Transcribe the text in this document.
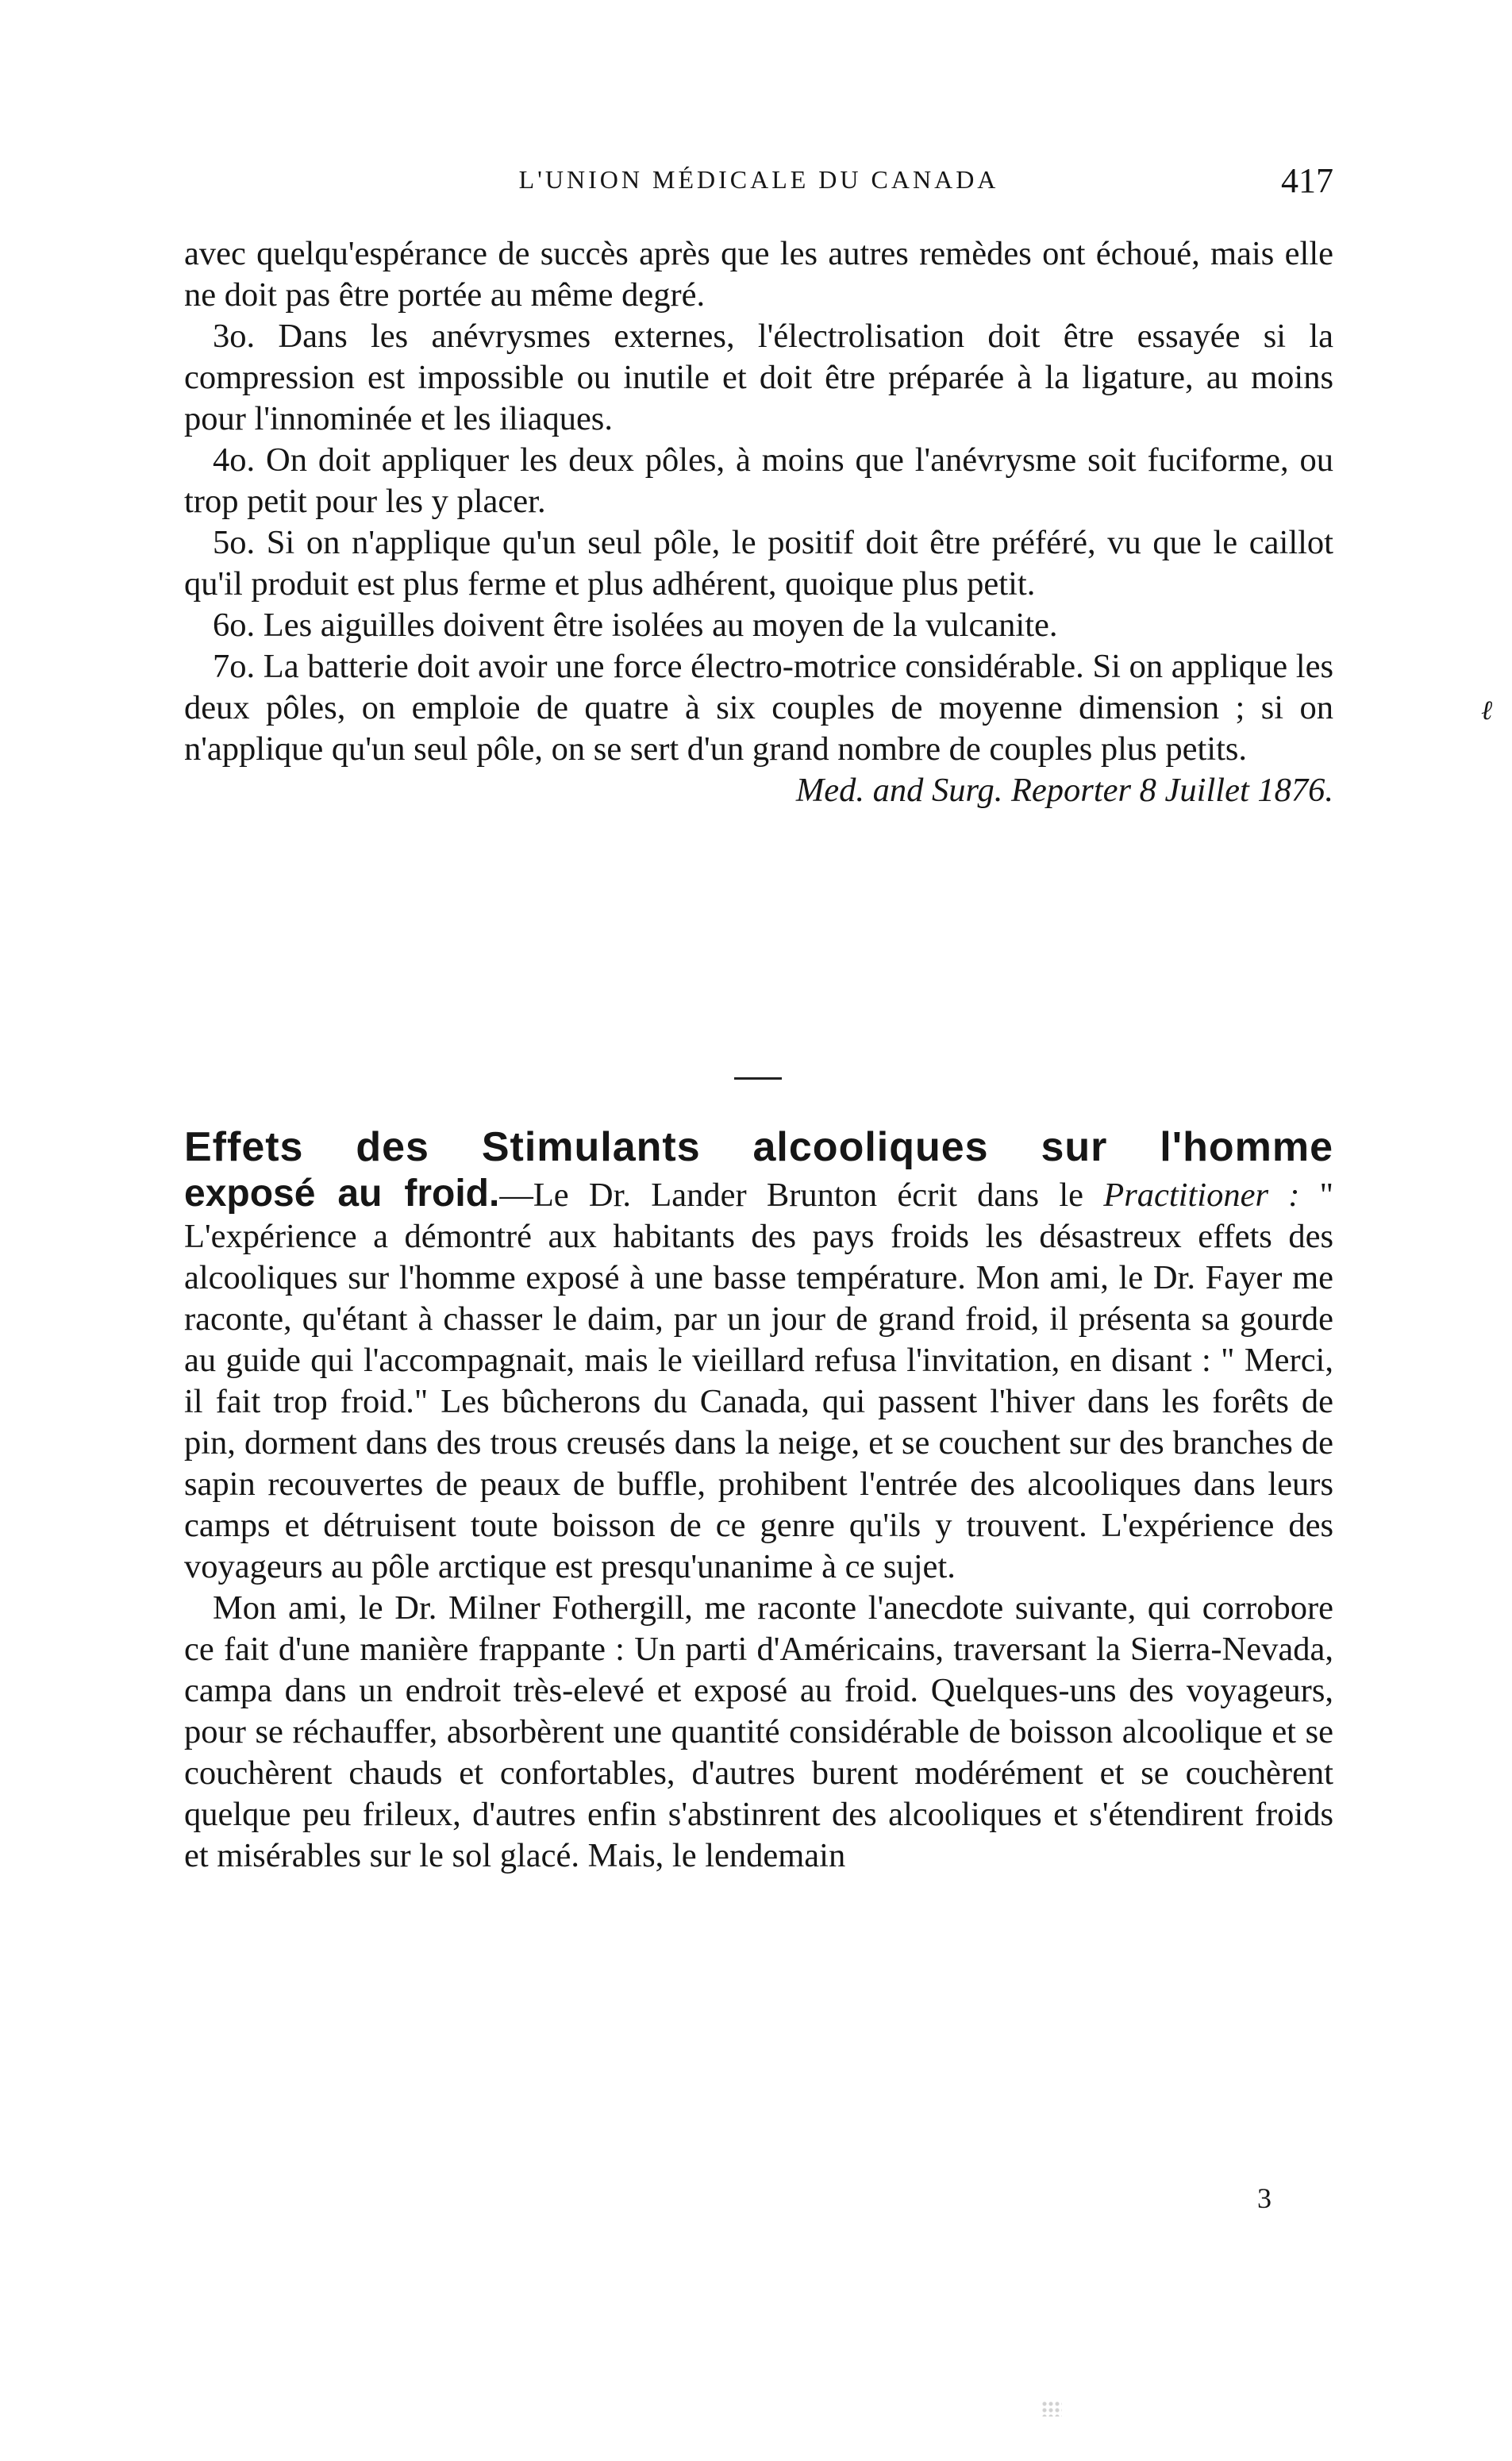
L'UNION MÉDICALE DU CANADA	417

avec quelqu'espérance de succès après que les autres remèdes ont échoué, mais elle ne doit pas être portée au même degré.

3o. Dans les anévrysmes externes, l'électrolisation doit être essayée si la compression est impossible ou inutile et doit être préparée à la ligature, au moins pour l'innominée et les iliaques.

4o. On doit appliquer les deux pôles, à moins que l'anévrysme soit fuciforme, ou trop petit pour les y placer.

5o. Si on n'applique qu'un seul pôle, le positif doit être préféré, vu que le caillot qu'il produit est plus ferme et plus adhérent, quoique plus petit.

6o. Les aiguilles doivent être isolées au moyen de la vulcanite.

7o. La batterie doit avoir une force électro-motrice considérable. Si on applique les deux pôles, on emploie de quatre à six couples de moyenne dimension ; si on n'applique qu'un seul pôle, on se sert d'un grand nombre de couples plus petits.

Med. and Surg. Reporter 8 Juillet 1876.

ℓ
Effets des Stimulants alcooliques sur l'homme

exposé au froid.—Le Dr. Lander Brunton écrit dans le Practitioner : " L'expérience a démontré aux habitants des pays froids les désastreux effets des alcooliques sur l'homme exposé à une basse température. Mon ami, le Dr. Fayer me raconte, qu'étant à chasser le daim, par un jour de grand froid, il présenta sa gourde au guide qui l'accompagnait, mais le vieillard refusa l'invitation, en disant : " Merci, il fait trop froid." Les bûcherons du Canada, qui passent l'hiver dans les forêts de pin, dorment dans des trous creusés dans la neige, et se couchent sur des branches de sapin recouvertes de peaux de buffle, prohibent l'entrée des alcooliques dans leurs camps et détruisent toute boisson de ce genre qu'ils y trouvent. L'expérience des voyageurs au pôle arctique est presqu'unanime à ce sujet.

Mon ami, le Dr. Milner Fothergill, me raconte l'anecdote suivante, qui corrobore ce fait d'une manière frappante : Un parti d'Américains, traversant la Sierra-Nevada, campa dans un endroit très-elevé et exposé au froid. Quelques-uns des voyageurs, pour se réchauffer, absorbèrent une quantité considérable de boisson alcoolique et se couchèrent chauds et confortables, d'autres burent modérément et se couchèrent quelque peu frileux, d'autres enfin s'abstinrent des alcooliques et s'étendirent froids et misérables sur le sol glacé. Mais, le lendemain

3
